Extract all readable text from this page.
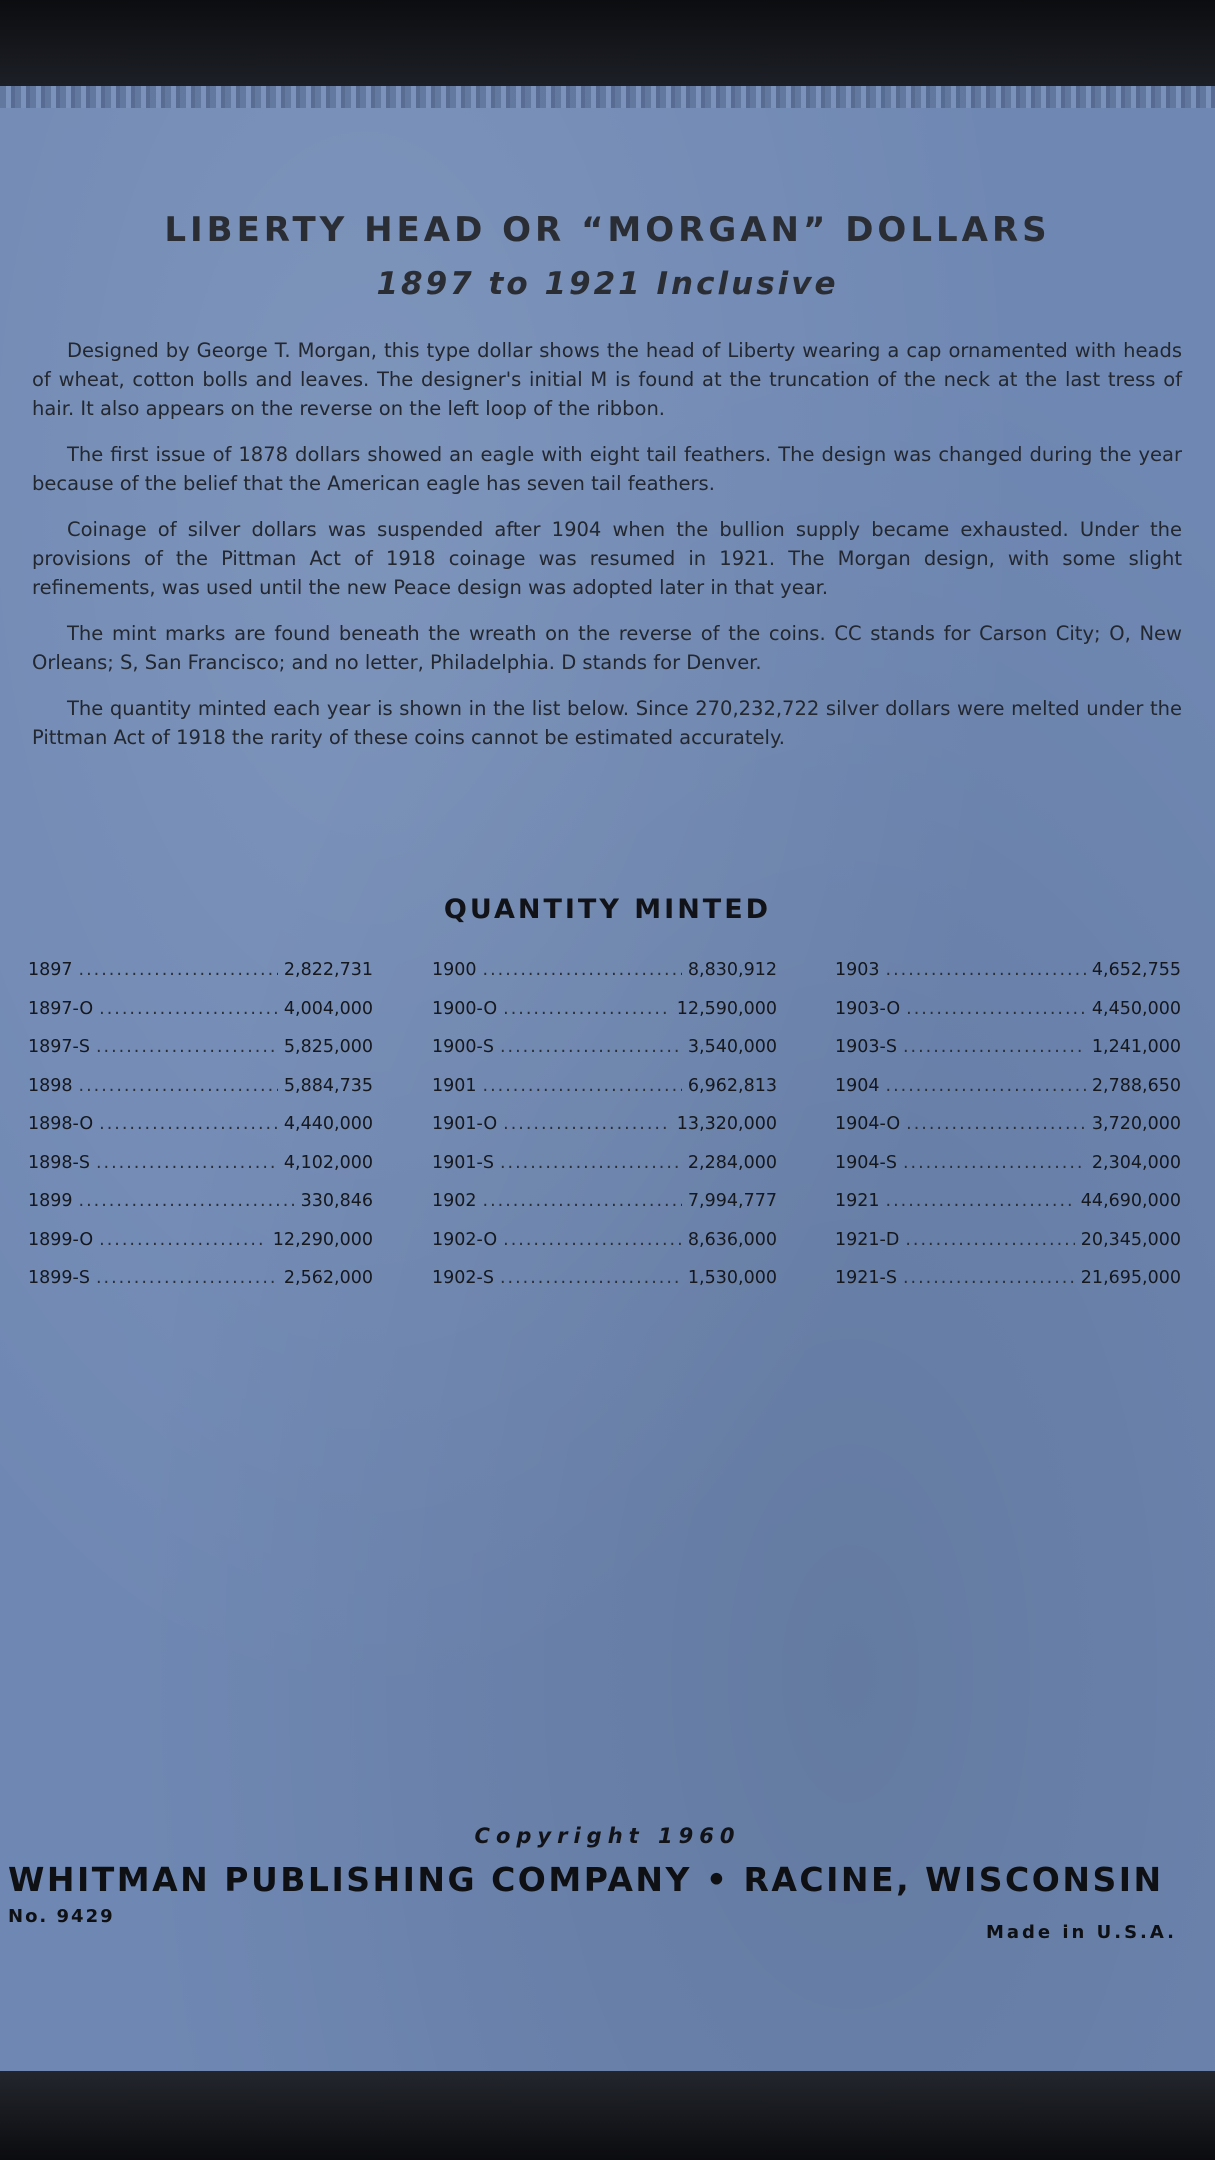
LIBERTY HEAD OR “MORGAN” DOLLARS
1897 to 1921 Inclusive

Designed by George T. Morgan, this type dollar shows the head of Liberty wearing a cap ornamented with heads of wheat, cotton bolls and leaves. The designer's initial M is found at the truncation of the neck at the last tress of hair. It also appears on the reverse on the left loop of the ribbon.

The first issue of 1878 dollars showed an eagle with eight tail feathers. The design was changed during the year because of the belief that the American eagle has seven tail feathers.

Coinage of silver dollars was suspended after 1904 when the bullion supply became exhausted. Under the provisions of the Pittman Act of 1918 coinage was resumed in 1921. The Morgan design, with some slight refinements, was used until the new Peace design was adopted later in that year.

The mint marks are found beneath the wreath on the reverse of the coins. CC stands for Carson City; O, New Orleans; S, San Francisco; and no letter, Philadelphia. D stands for Denver.

The quantity minted each year is shown in the list below. Since 270,232,722 silver dollars were melted under the Pittman Act of 1918 the rarity of these coins cannot be estimated accurately.

QUANTITY MINTED
1897 .....	2,822,731
1897-O .....	4,004,000
1897-S .....	5,825,000
1898 .....	5,884,735
1898-O .....	4,440,000
1898-S .....	4,102,000
1899 .....	330,846
1899-O .....	12,290,000
1899-S .....	2,562,000
1900 .....	8,830,912
1900-O .....	12,590,000
1900-S .....	3,540,000
1901 .....	6,962,813
1901-O .....	13,320,000
1901-S .....	2,284,000
1902 .....	7,994,777
1902-O .....	8,636,000
1902-S .....	1,530,000
1903 .....	4,652,755
1903-O .....	4,450,000
1903-S .....	1,241,000
1904 .....	2,788,650
1904-O .....	3,720,000
1904-S .....	2,304,000
1921 .....	44,690,000
1921-D .....	20,345,000
1921-S .....	21,695,000
Copyright 1960
WHITMAN PUBLISHING COMPANY • RACINE, WISCONSIN
No. 9429
Made in U.S.A.
